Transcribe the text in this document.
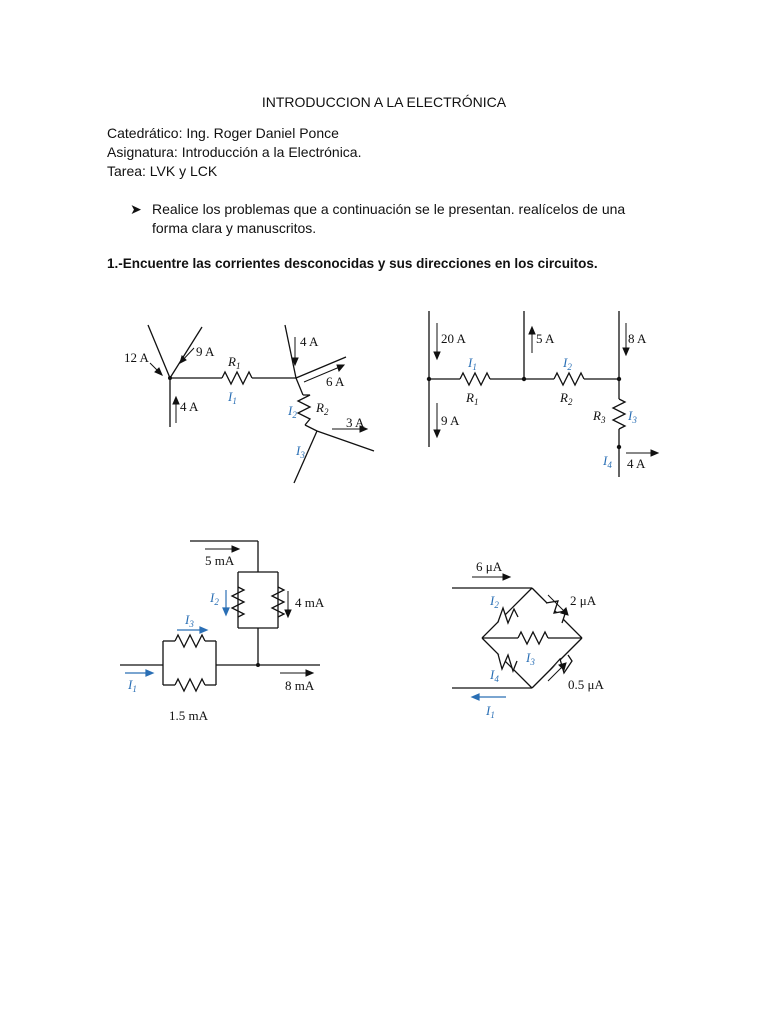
INTRODUCCION A LA ELECTRÓNICA
Catedrático: Ing. Roger Daniel Ponce
Asignatura: Introducción a la Electrónica.
Tarea: LVK y LCK
➤ Realice los problemas que a continuación se le presentan. realícelos de una forma clara y manuscritos.
1.-Encuentre las corrientes desconocidas y sus direcciones en los circuitos.
12 A	9 A
4 A
4 A
6 A
3 A
$R_1$
$R_2$
$I_1$
$I_2$
$I_3$
20 A	5 A	8 A
9 A
4 A
$R_1$	$R_2$
$R_3$
$I_1$	$I_2$
$I_3$
$I_4$
5 mA
4 mA
8 mA
1.5 mA
$I_2$
$I_3$
$I_1$
6 μA
2 μA
0.5 μA
$I_2$
$I_3$
$I_4$
$I_1$
